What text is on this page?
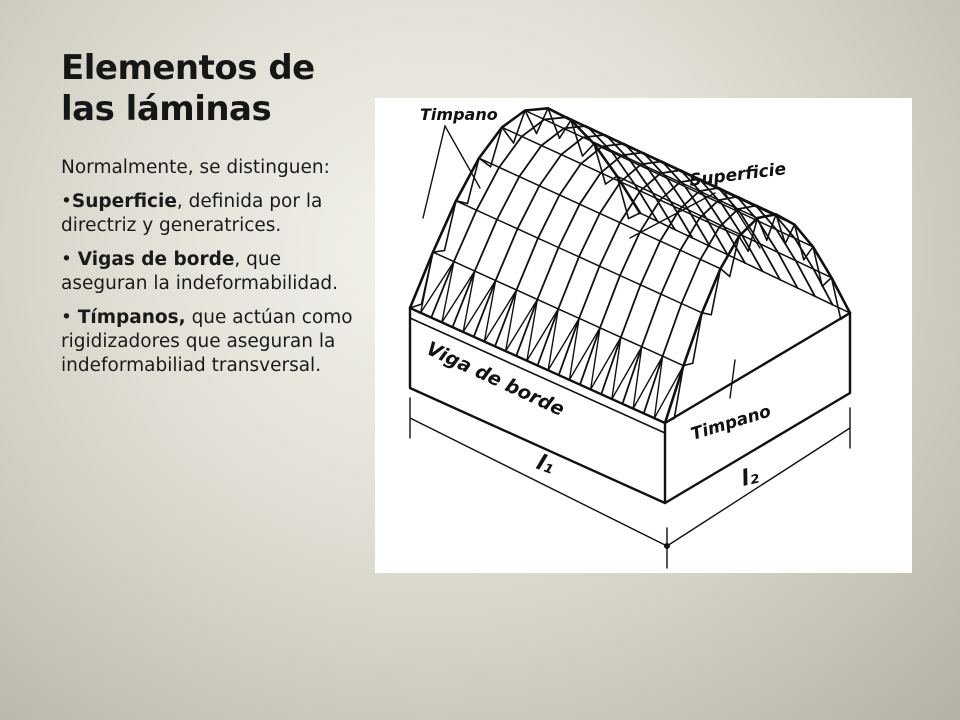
Elementos de
las láminas

Normalmente, se distinguen:

•Superficie, definida por la directriz y generatrices.

• Vigas de borde, que aseguran la indeformabilidad.

• Tímpanos, que actúan como rigidizadores que aseguran la indeformabiliad transversal.

Timpano
Superficie
Viga de borde
Timpano
l₁	l₂
